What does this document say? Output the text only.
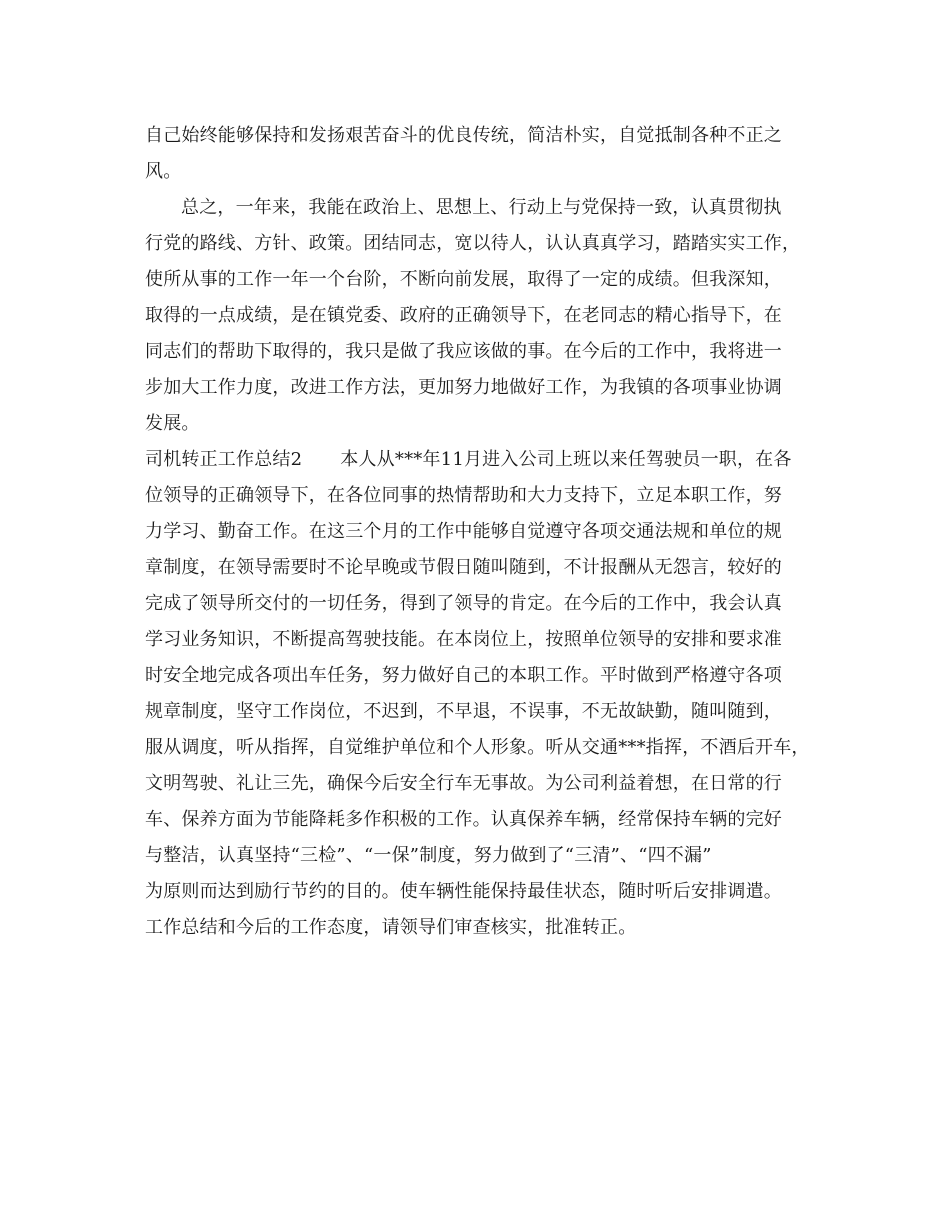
自己始终能够保持和发扬艰苦奋斗的优良传统，简洁朴实，自觉抵制各种不正之
风。
总之，一年来，我能在政治上、思想上、行动上与党保持一致，认真贯彻执
行党的路线、方针、政策。团结同志，宽以待人，认认真真学习，踏踏实实工作，
使所从事的工作一年一个台阶，不断向前发展，取得了一定的成绩。但我深知，
取得的一点成绩，是在镇党委、政府的正确领导下，在老同志的精心指导下，在
同志们的帮助下取得的，我只是做了我应该做的事。在今后的工作中，我将进一
步加大工作力度，改进工作方法，更加努力地做好工作，为我镇的各项事业协调
发展。
司机转正工作总结2 本人从***年11月进入公司上班以来任驾驶员一职，在各
位领导的正确领导下，在各位同事的热情帮助和大力支持下，立足本职工作，努
力学习、勤奋工作。在这三个月的工作中能够自觉遵守各项交通法规和单位的规
章制度，在领导需要时不论早晚或节假日随叫随到，不计报酬从无怨言，较好的
完成了领导所交付的一切任务，得到了领导的肯定。在今后的工作中，我会认真
学习业务知识，不断提高驾驶技能。在本岗位上，按照单位领导的安排和要求准
时安全地完成各项出车任务，努力做好自己的本职工作。平时做到严格遵守各项
规章制度，坚守工作岗位，不迟到，不早退，不误事，不无故缺勤，随叫随到，
服从调度，听从指挥，自觉维护单位和个人形象。听从交通***指挥，不酒后开车，
文明驾驶、礼让三先，确保今后安全行车无事故。为公司利益着想，在日常的行
车、保养方面为节能降耗多作积极的工作。认真保养车辆，经常保持车辆的完好
与整洁，认真坚持“三检”、“一保”制度，努力做到了“三清”、“四不漏”
为原则而达到励行节约的目的。使车辆性能保持最佳状态，随时听后安排调遣。
工作总结和今后的工作态度，请领导们审查核实，批准转正。
